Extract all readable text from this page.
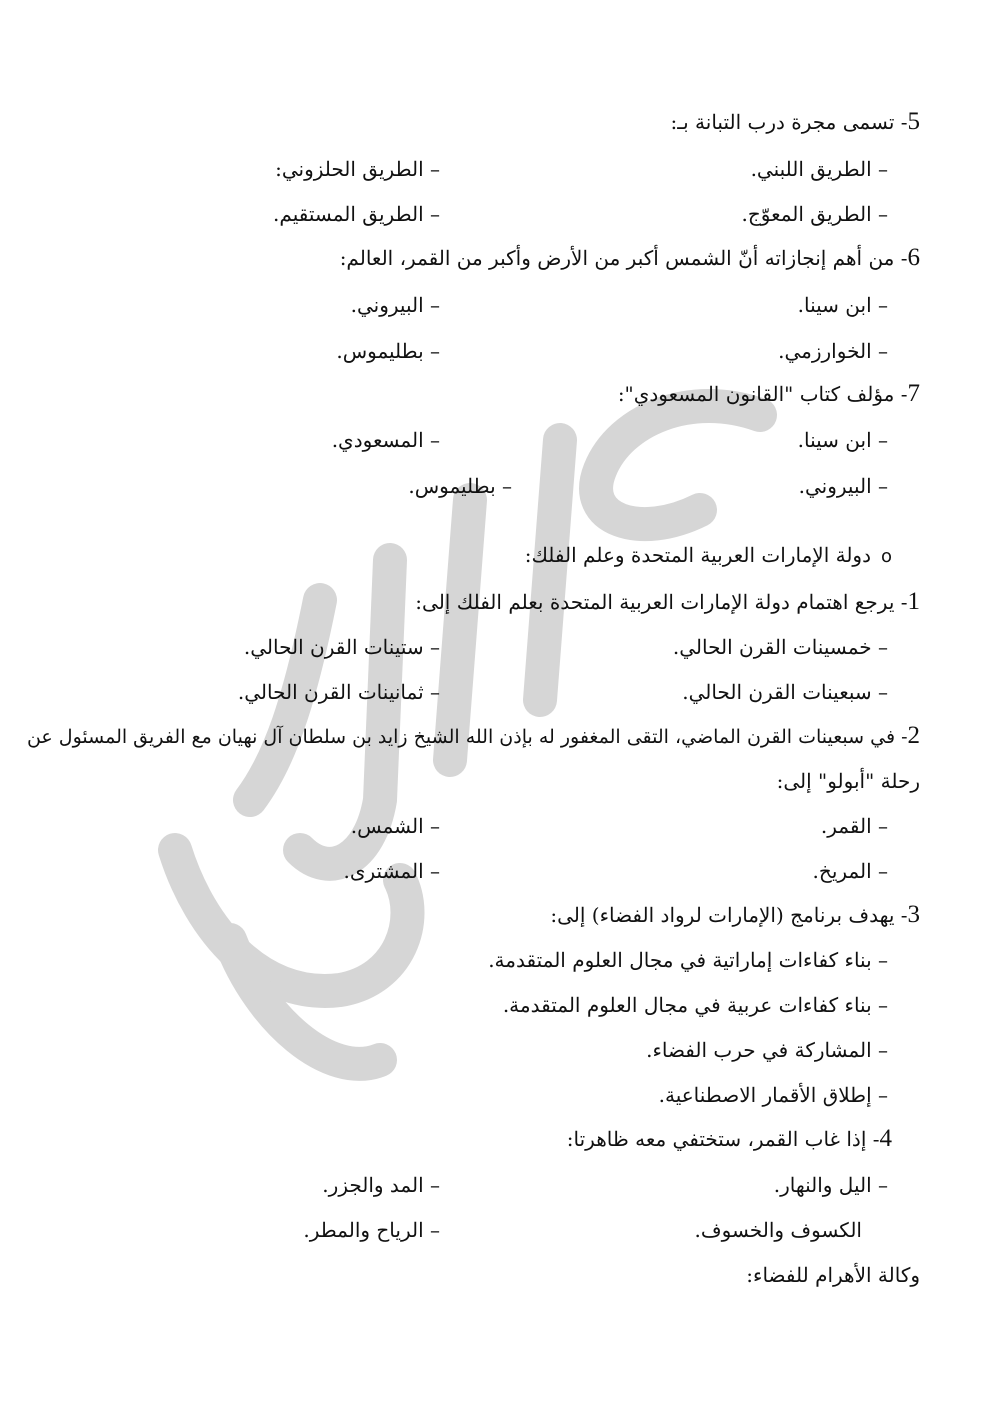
5- تسمى مجرة درب التبانة بـ:
– الطريق اللبني.
– الطريق الحلزوني:
– الطريق المعوّج.
– الطريق المستقيم.
6- من أهم إنجازاته أنّ الشمس أكبر من الأرض وأكبر من القمر، العالم:
– ابن سينا.
– البيروني.
– الخوارزمي.
– بطليموس.
7- مؤلف كتاب "القانون المسعودي":
– ابن سينا.
– المسعودي.
– البيروني.
– بطليموس.
oدولة الإمارات العربية المتحدة وعلم الفلك:
1- يرجع اهتمام دولة الإمارات العربية المتحدة بعلم الفلك إلى:
– خمسينات القرن الحالي.
– ستينات القرن الحالي.
– سبعينات القرن الحالي.
– ثمانينات القرن الحالي.
2- في سبعينات القرن الماضي، التقى المغفور له بإذن الله الشيخ زايد بن سلطان آل نهيان مع الفريق المسئول عن
رحلة "أبولو" إلى:
– القمر.
– الشمس.
– المريخ.
– المشترى.
3- يهدف برنامج (الإمارات لرواد الفضاء) إلى:
– بناء كفاءات إماراتية في مجال العلوم المتقدمة.
– بناء كفاءات عربية في مجال العلوم المتقدمة.
– المشاركة في حرب الفضاء.
– إطلاق الأقمار الاصطناعية.
4- إذا غاب القمر، ستختفي معه ظاهرتا:
– اليل والنهار.
– المد والجزر.
الكسوف والخسوف.
– الرياح والمطر.
وكالة الأهرام للفضاء:
